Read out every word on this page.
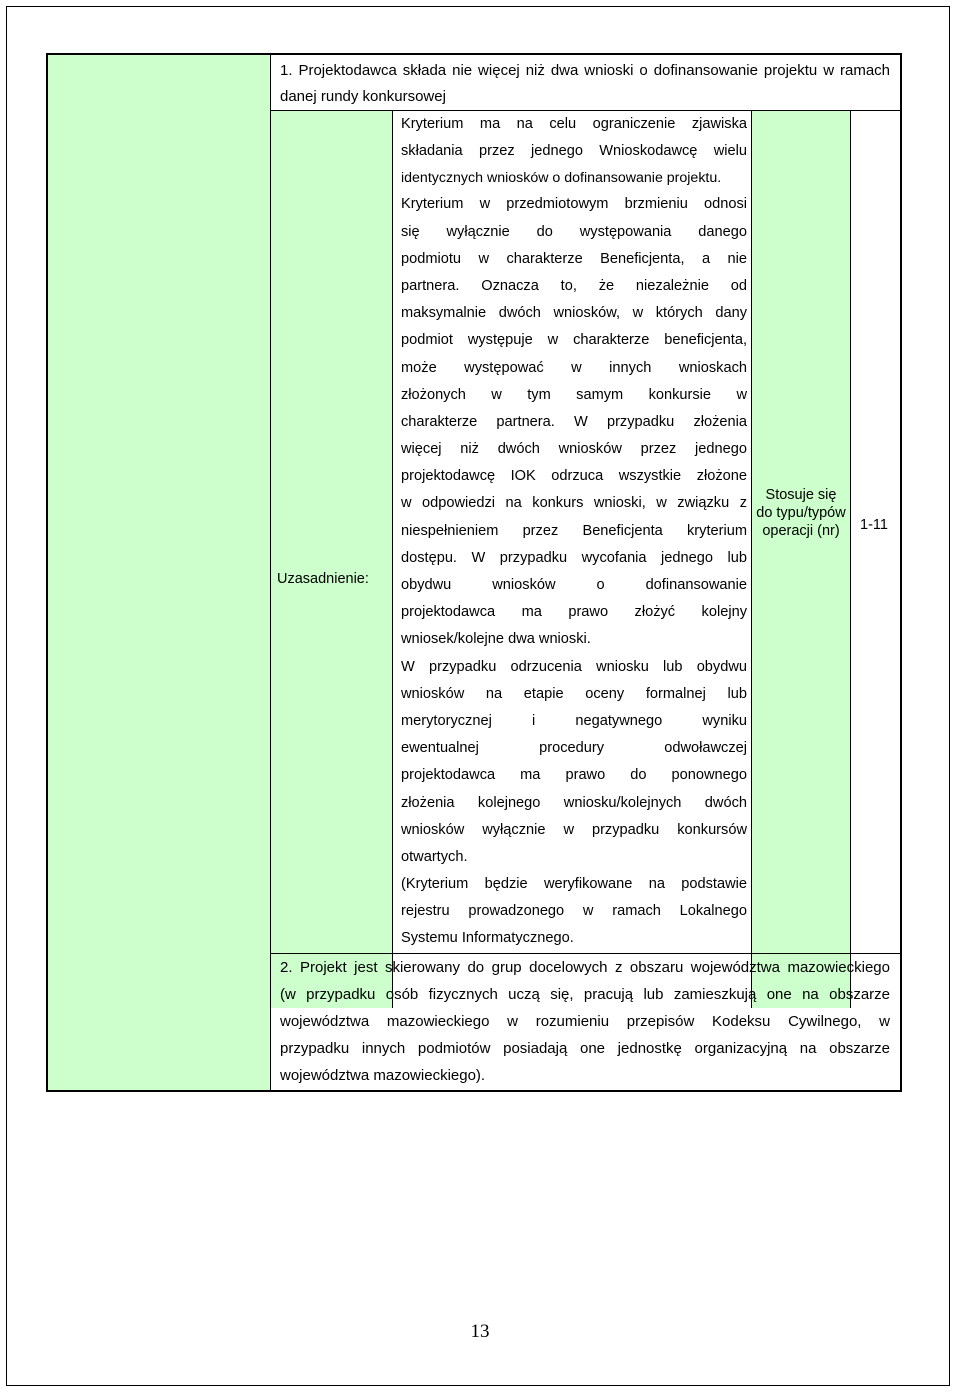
1. Projektodawca składa nie więcej niż dwa wnioski o dofinansowanie projektu w ramach danej rundy konkursowej
Uzasadnienie:
Kryterium ma na celu ograniczenie zjawiska
składania przez jednego Wnioskodawcę wielu
identycznych wniosków o dofinansowanie projektu.
Kryterium w przedmiotowym brzmieniu odnosi
się wyłącznie do występowania danego
podmiotu w charakterze Beneficjenta, a nie
partnera. Oznacza to, że niezależnie od
maksymalnie dwóch wniosków, w których dany
podmiot występuje w charakterze beneficjenta,
może występować w innych wnioskach
złożonych w tym samym konkursie w
charakterze partnera. W przypadku złożenia
więcej niż dwóch wniosków przez jednego
projektodawcę IOK odrzuca wszystkie złożone
w odpowiedzi na konkurs wnioski, w związku z
niespełnieniem przez Beneficjenta kryterium
dostępu. W przypadku wycofania jednego lub
obydwu wniosków o dofinansowanie
projektodawca ma prawo złożyć kolejny
wniosek/kolejne dwa wnioski.
W przypadku odrzucenia wniosku lub obydwu
wniosków na etapie oceny formalnej lub
merytorycznej i negatywnego wyniku
ewentualnej procedury odwoławczej
projektodawca ma prawo do ponownego
złożenia kolejnego wniosku/kolejnych dwóch
wniosków wyłącznie w przypadku konkursów
otwartych.
(Kryterium będzie weryfikowane na podstawie
rejestru prowadzonego w ramach Lokalnego
Systemu Informatycznego.
Stosuje się do typu/typów operacji (nr)	1-11
2. Projekt jest skierowany do grup docelowych z obszaru województwa mazowieckiego
(w przypadku osób fizycznych uczą się, pracują lub zamieszkują one na obszarze
województwa mazowieckiego w rozumieniu przepisów Kodeksu Cywilnego, w
przypadku innych podmiotów posiadają one jednostkę organizacyjną na obszarze
województwa mazowieckiego).
13
